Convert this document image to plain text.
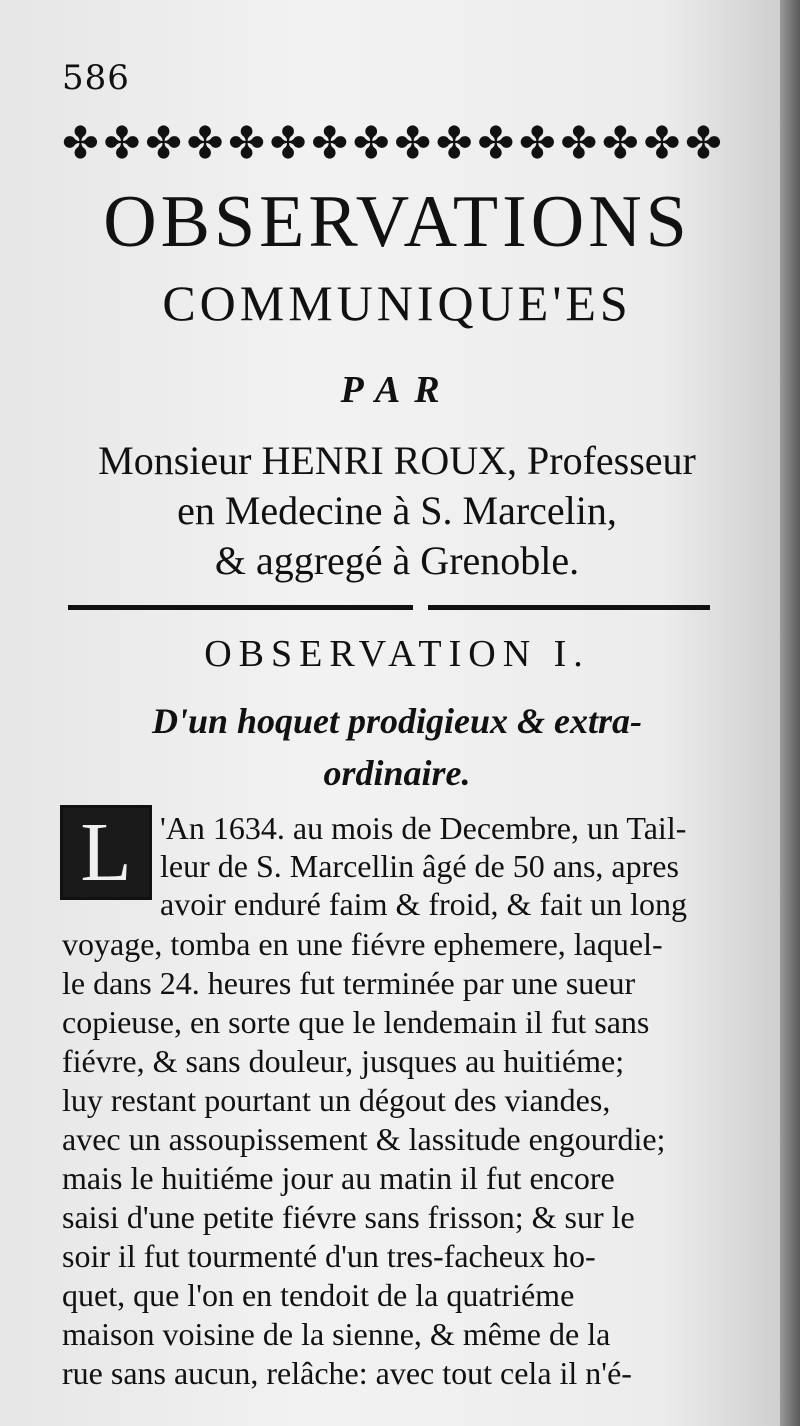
586
✤ ✤ ✤ ✤ ✤ ✤ ✤ ✤ ✤ ✤ ✤ ✤ ✤ ✤ ✤ ✤
OBSERVATIONS
COMMUNIQUE'ES
PAR
Monsieur HENRI ROUX, Professeur
en Medecine à S. Marcelin,
& aggregé à Grenoble.
OBSERVATION I.
D'un hoquet prodigieux & extra-
ordinaire.
L 'An 1634. au mois de Decembre, un Tail-
leur de S. Marcellin âgé de 50 ans, apres
avoir enduré faim & froid, & fait un long
voyage, tomba en une fiévre ephemere, laquel-
le dans 24. heures fut terminée par une sueur
copieuse, en sorte que le lendemain il fut sans
fiévre, & sans douleur, jusques au huitiéme;
luy restant pourtant un dégout des viandes,
avec un assoupissement & lassitude engourdie;
mais le huitiéme jour au matin il fut encore
saisi d'une petite fiévre sans frisson; & sur le
soir il fut tourmenté d'un tres-facheux ho-
quet, que l'on en tendoit de la quatriéme
maison voisine de la sienne, & même de la
rue sans aucun, relâche: avec tout cela il n'é-
